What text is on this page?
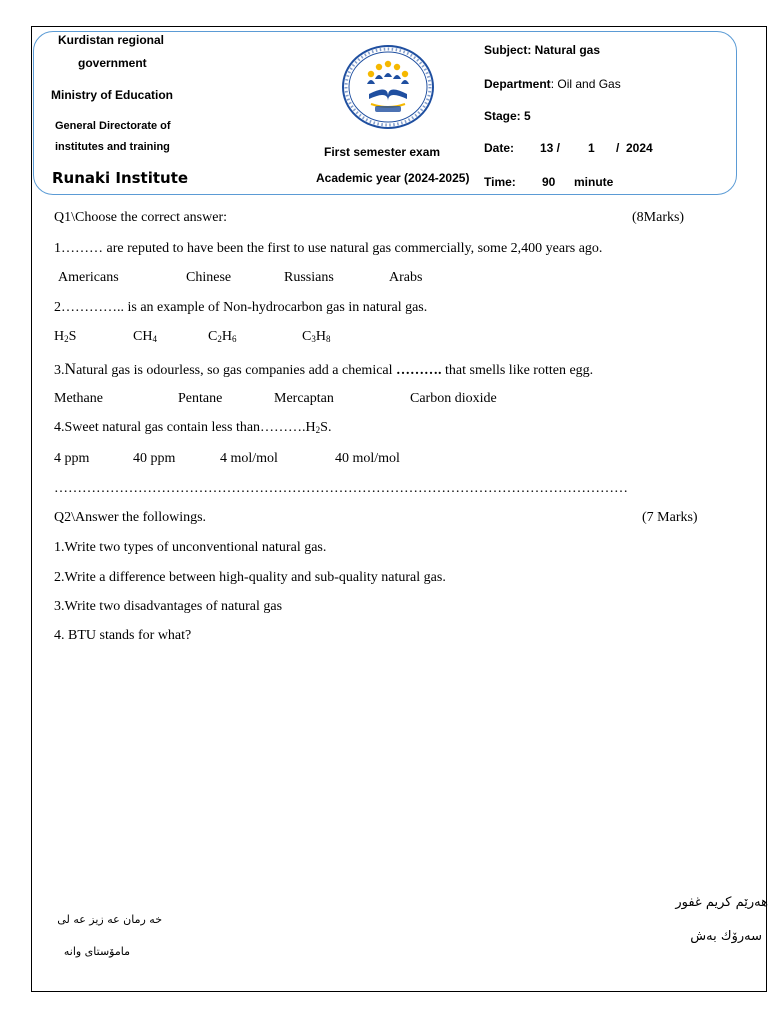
Kurdistan regional
government
Ministry of Education
General Directorate of
institutes and training
Runaki Institute
First semester exam
Academic year (2024-2025)
Subject: Natural gas
Department: Oil and Gas
Stage: 5
Date: 13 / 1 /  2024
Time: 90 minute
Q1\Choose the correct answer:	(8Marks)
1……… are reputed to have been the first to use natural gas commercially, some 2,400 years ago.
Americans	Chinese	Russians	Arabs
2………….. is an example of Non-hydrocarbon gas in natural gas.
$H_2S$	$CH_4$	$C_2H_6$	$C_3H_8$
3.Natural gas is odourless, so gas companies add a chemical ………. that smells like rotten egg.
Methane	Pentane	Mercaptan	Carbon dioxide
4.Sweet natural gas contain less $than\dots\dots\dots.H_2S$.
4 ppm	40 ppm	4 mol/mol	40 mol/mol
……………………………………………………………………………………………………………
Q2\Answer the followings.	(7 Marks)
1.Write two types of unconventional natural gas.
2.Write a difference between high-quality and sub-quality natural gas.
3.Write two disadvantages of natural gas
4. BTU stands for what?
خه رمان عه زيز عه لى
مامۆستای وانه
هەرێم كريم غفور
سەرۆك بەش
